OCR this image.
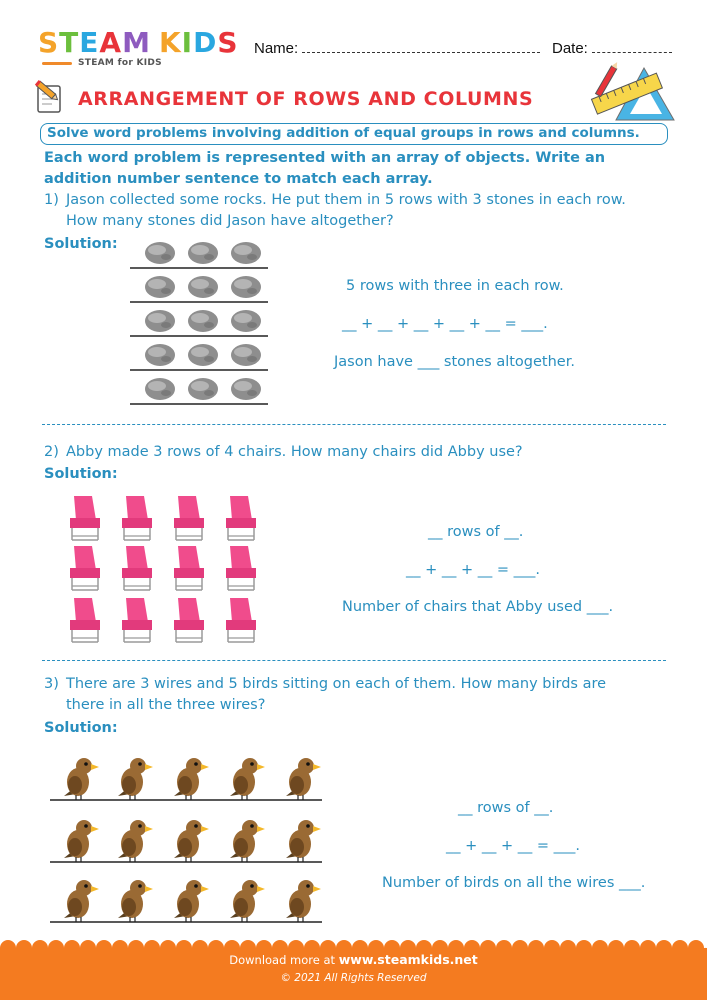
STEAM KIDS
STEAM for KIDS
Name:	Date:
ARRANGEMENT OF ROWS AND COLUMNS
Solve word problems involving addition of equal groups in rows and columns.
Each word problem is represented with an array of objects. Write an addition number sentence to match each array.
1) Jason collected some rocks. He put them in 5 rows with 3 stones in each row.
How many stones did Jason have altogether?
Solution:
5 rows with three in each row.
__ + __ + __ + __ + __ = ___.
Jason have ___ stones altogether.
2) Abby made 3 rows of 4 chairs. How many chairs did Abby use?
Solution:
__ rows of __.
__ + __ + __ = ___.
Number of chairs that Abby used ___.
3) There are 3 wires and 5 birds sitting on each of them. How many birds are
there in all the three wires?
Solution:
__ rows of __.
__ + __ + __ = ___.
Number of birds on all the wires ___.
Download more at www.steamkids.net
© 2021 All Rights Reserved
